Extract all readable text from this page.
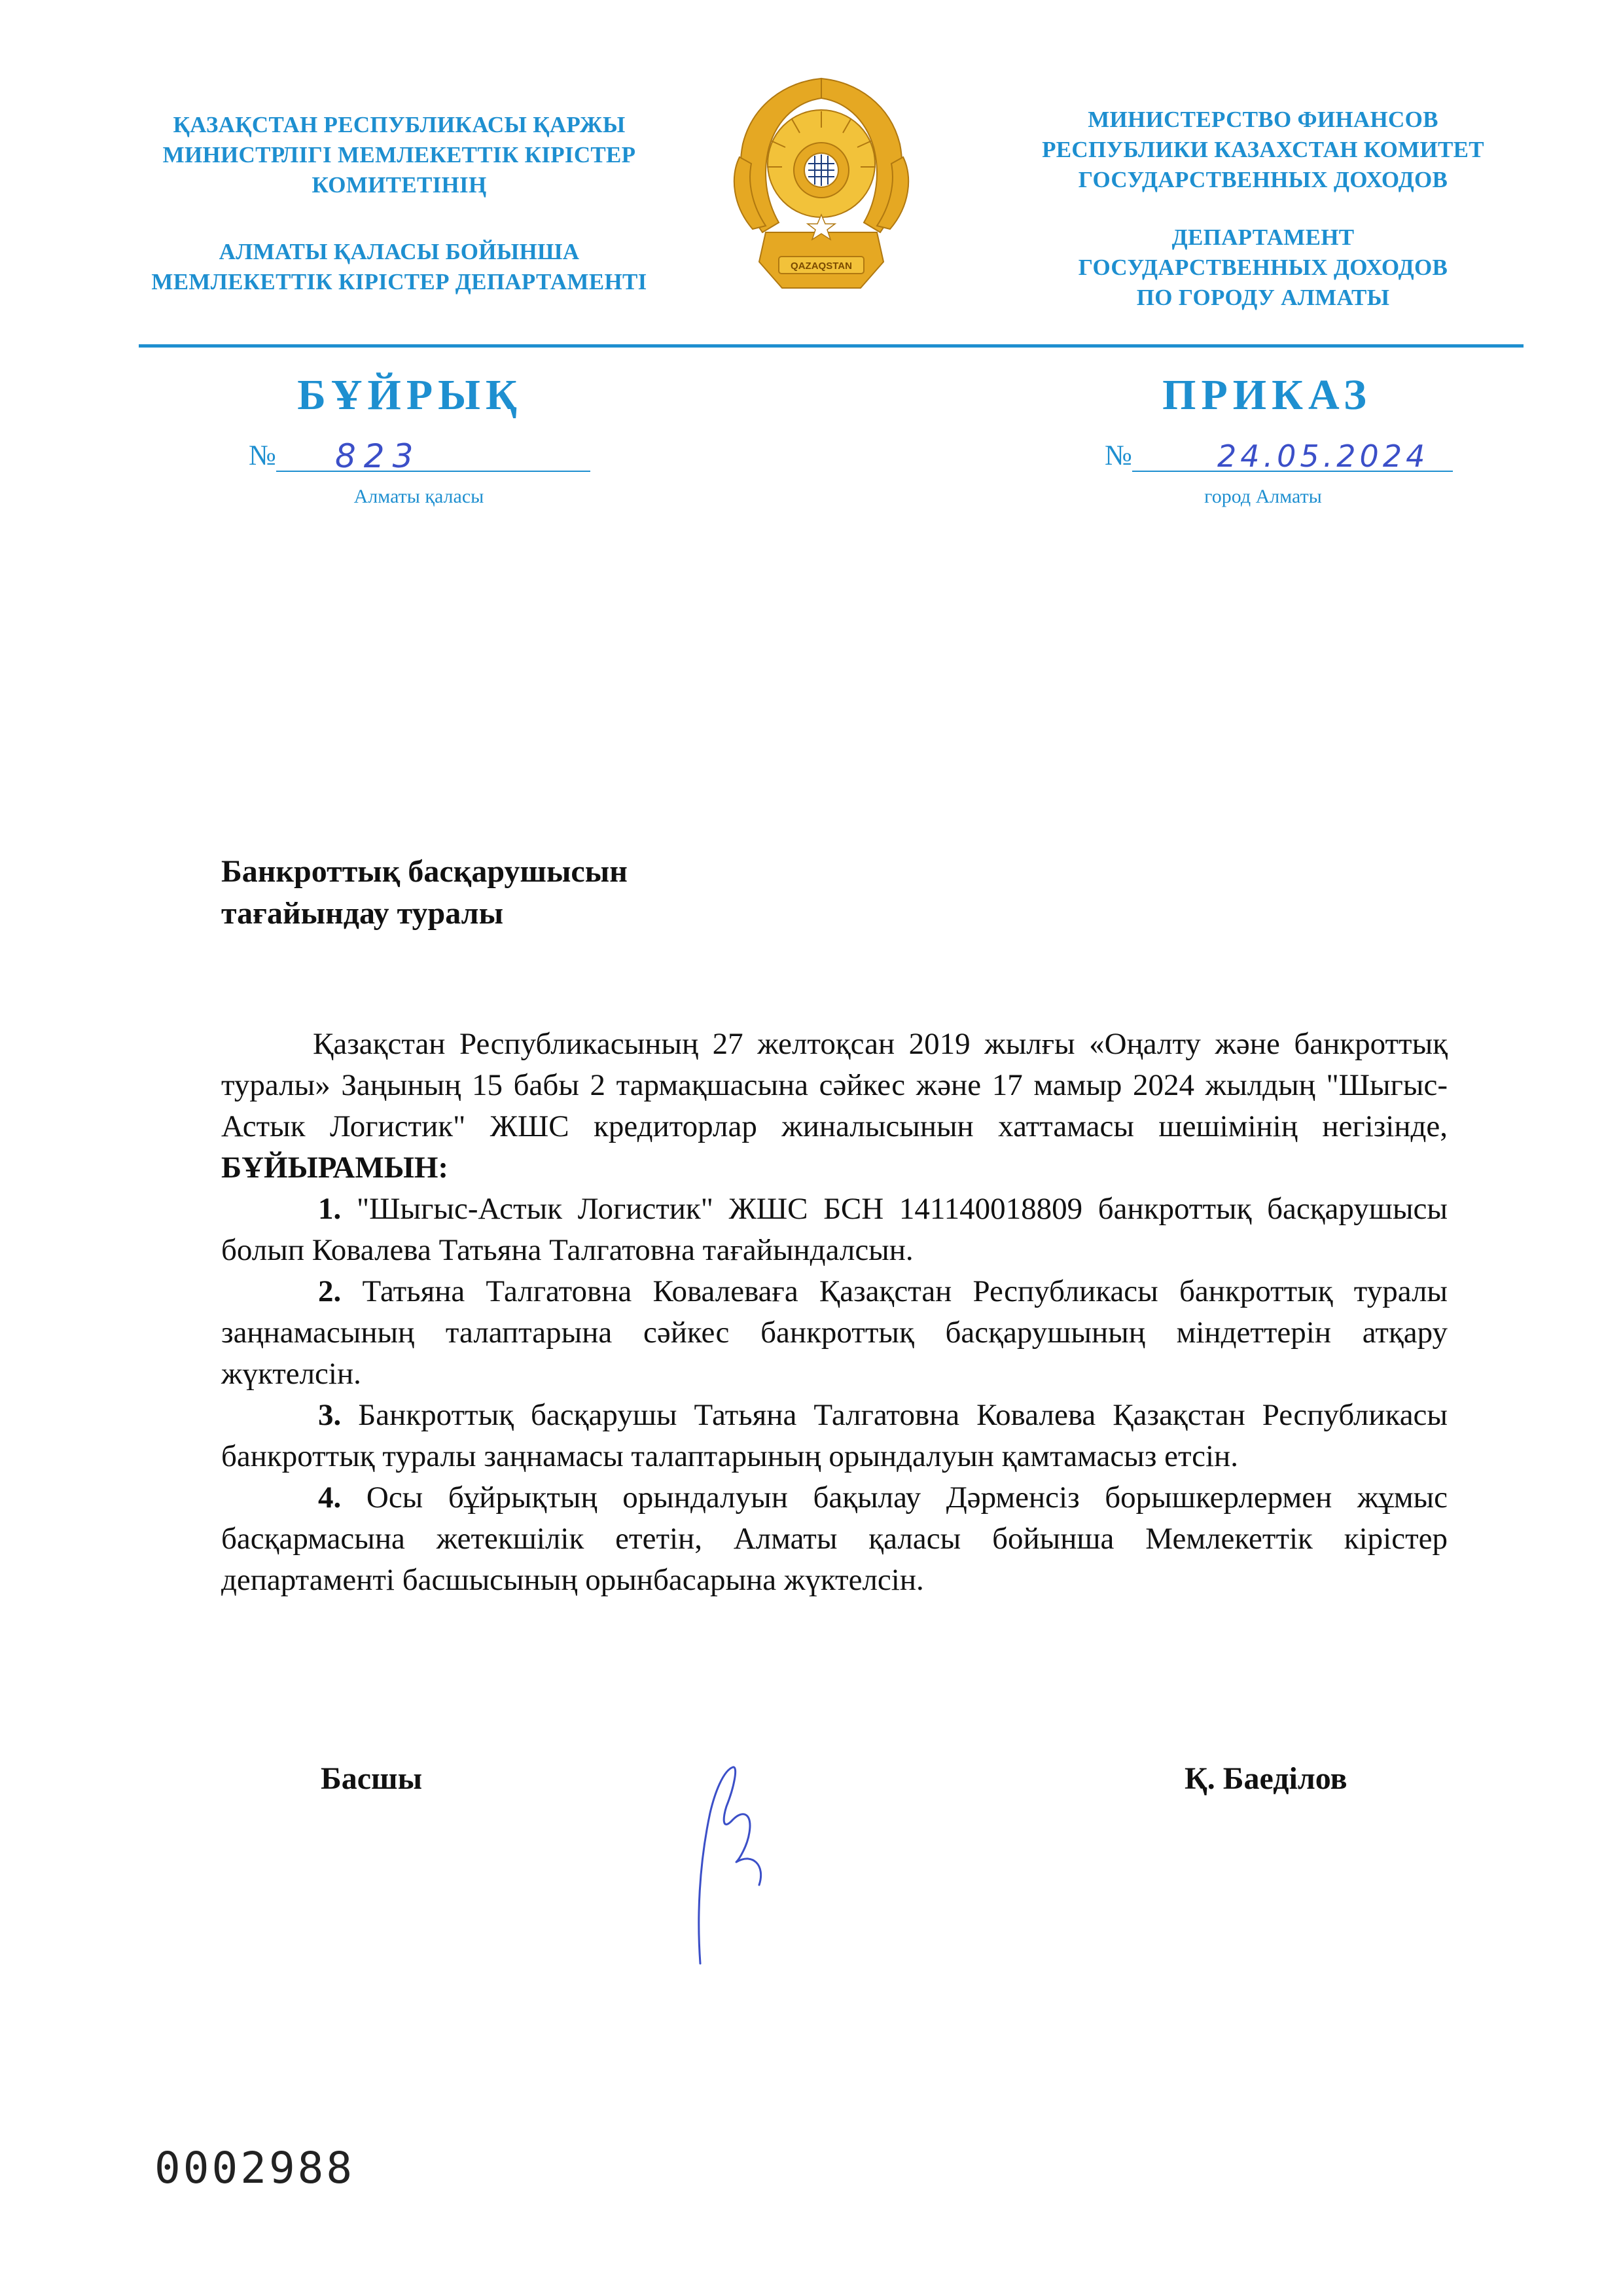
ҚАЗАҚСТАН РЕСПУБЛИКАСЫ ҚАРЖЫ
МИНИСТРЛІГІ МЕМЛЕКЕТТІК КІРІСТЕР
КОМИТЕТІНІҢ
АЛМАТЫ ҚАЛАСЫ БОЙЫНША
МЕМЛЕКЕТТІК КІРІСТЕР ДЕПАРТАМЕНТІ
QAZAQSTAN
МИНИСТЕРСТВО ФИНАНСОВ
РЕСПУБЛИКИ КАЗАХСТАН КОМИТЕТ
ГОСУДАРСТВЕННЫХ ДОХОДОВ
ДЕПАРТАМЕНТ
ГОСУДАРСТВЕННЫХ ДОХОДОВ
ПО ГОРОДУ АЛМАТЫ
БҰЙРЫҚ	ПРИКАЗ
№ 823	№	24.05.2024
Алматы қаласы	город Алматы
Банкроттық басқарушысын
тағайындау туралы

Қазақстан Республикасының 27 желтоқсан 2019 жылғы «Оңалту және банкроттық туралы» Заңының 15 бабы 2 тармақшасына сәйкес және 17 мамыр 2024 жылдың "Шыгыс-Астык Логистик" ЖШС кредиторлар жиналысынын хаттамасы шешімінің негізінде, БҰЙЫРАМЫН:

1. "Шыгыс-Астык Логистик" ЖШС БСН 141140018809 банкроттық басқарушысы болып Ковалева Татьяна Талгатовна тағайындалсын.

2. Татьяна Талгатовна Ковалеваға Қазақстан Республикасы банкроттық туралы заңнамасының талаптарына сәйкес банкроттық басқарушының міндеттерін атқару жүктелсін.

3. Банкроттық басқарушы Татьяна Талгатовна Ковалева Қазақстан Республикасы банкроттық туралы заңнамасы талаптарының орындалуын қамтамасыз етсін.

4. Осы бұйрықтың орындалуын бақылау Дәрменсіз борышкерлермен жұмыс басқармасына жетекшілік ететін, Алматы қаласы бойынша Мемлекеттік кірістер департаменті басшысының орынбасарына жүктелсін.

Басшы	Қ. Баеділов
0002988
